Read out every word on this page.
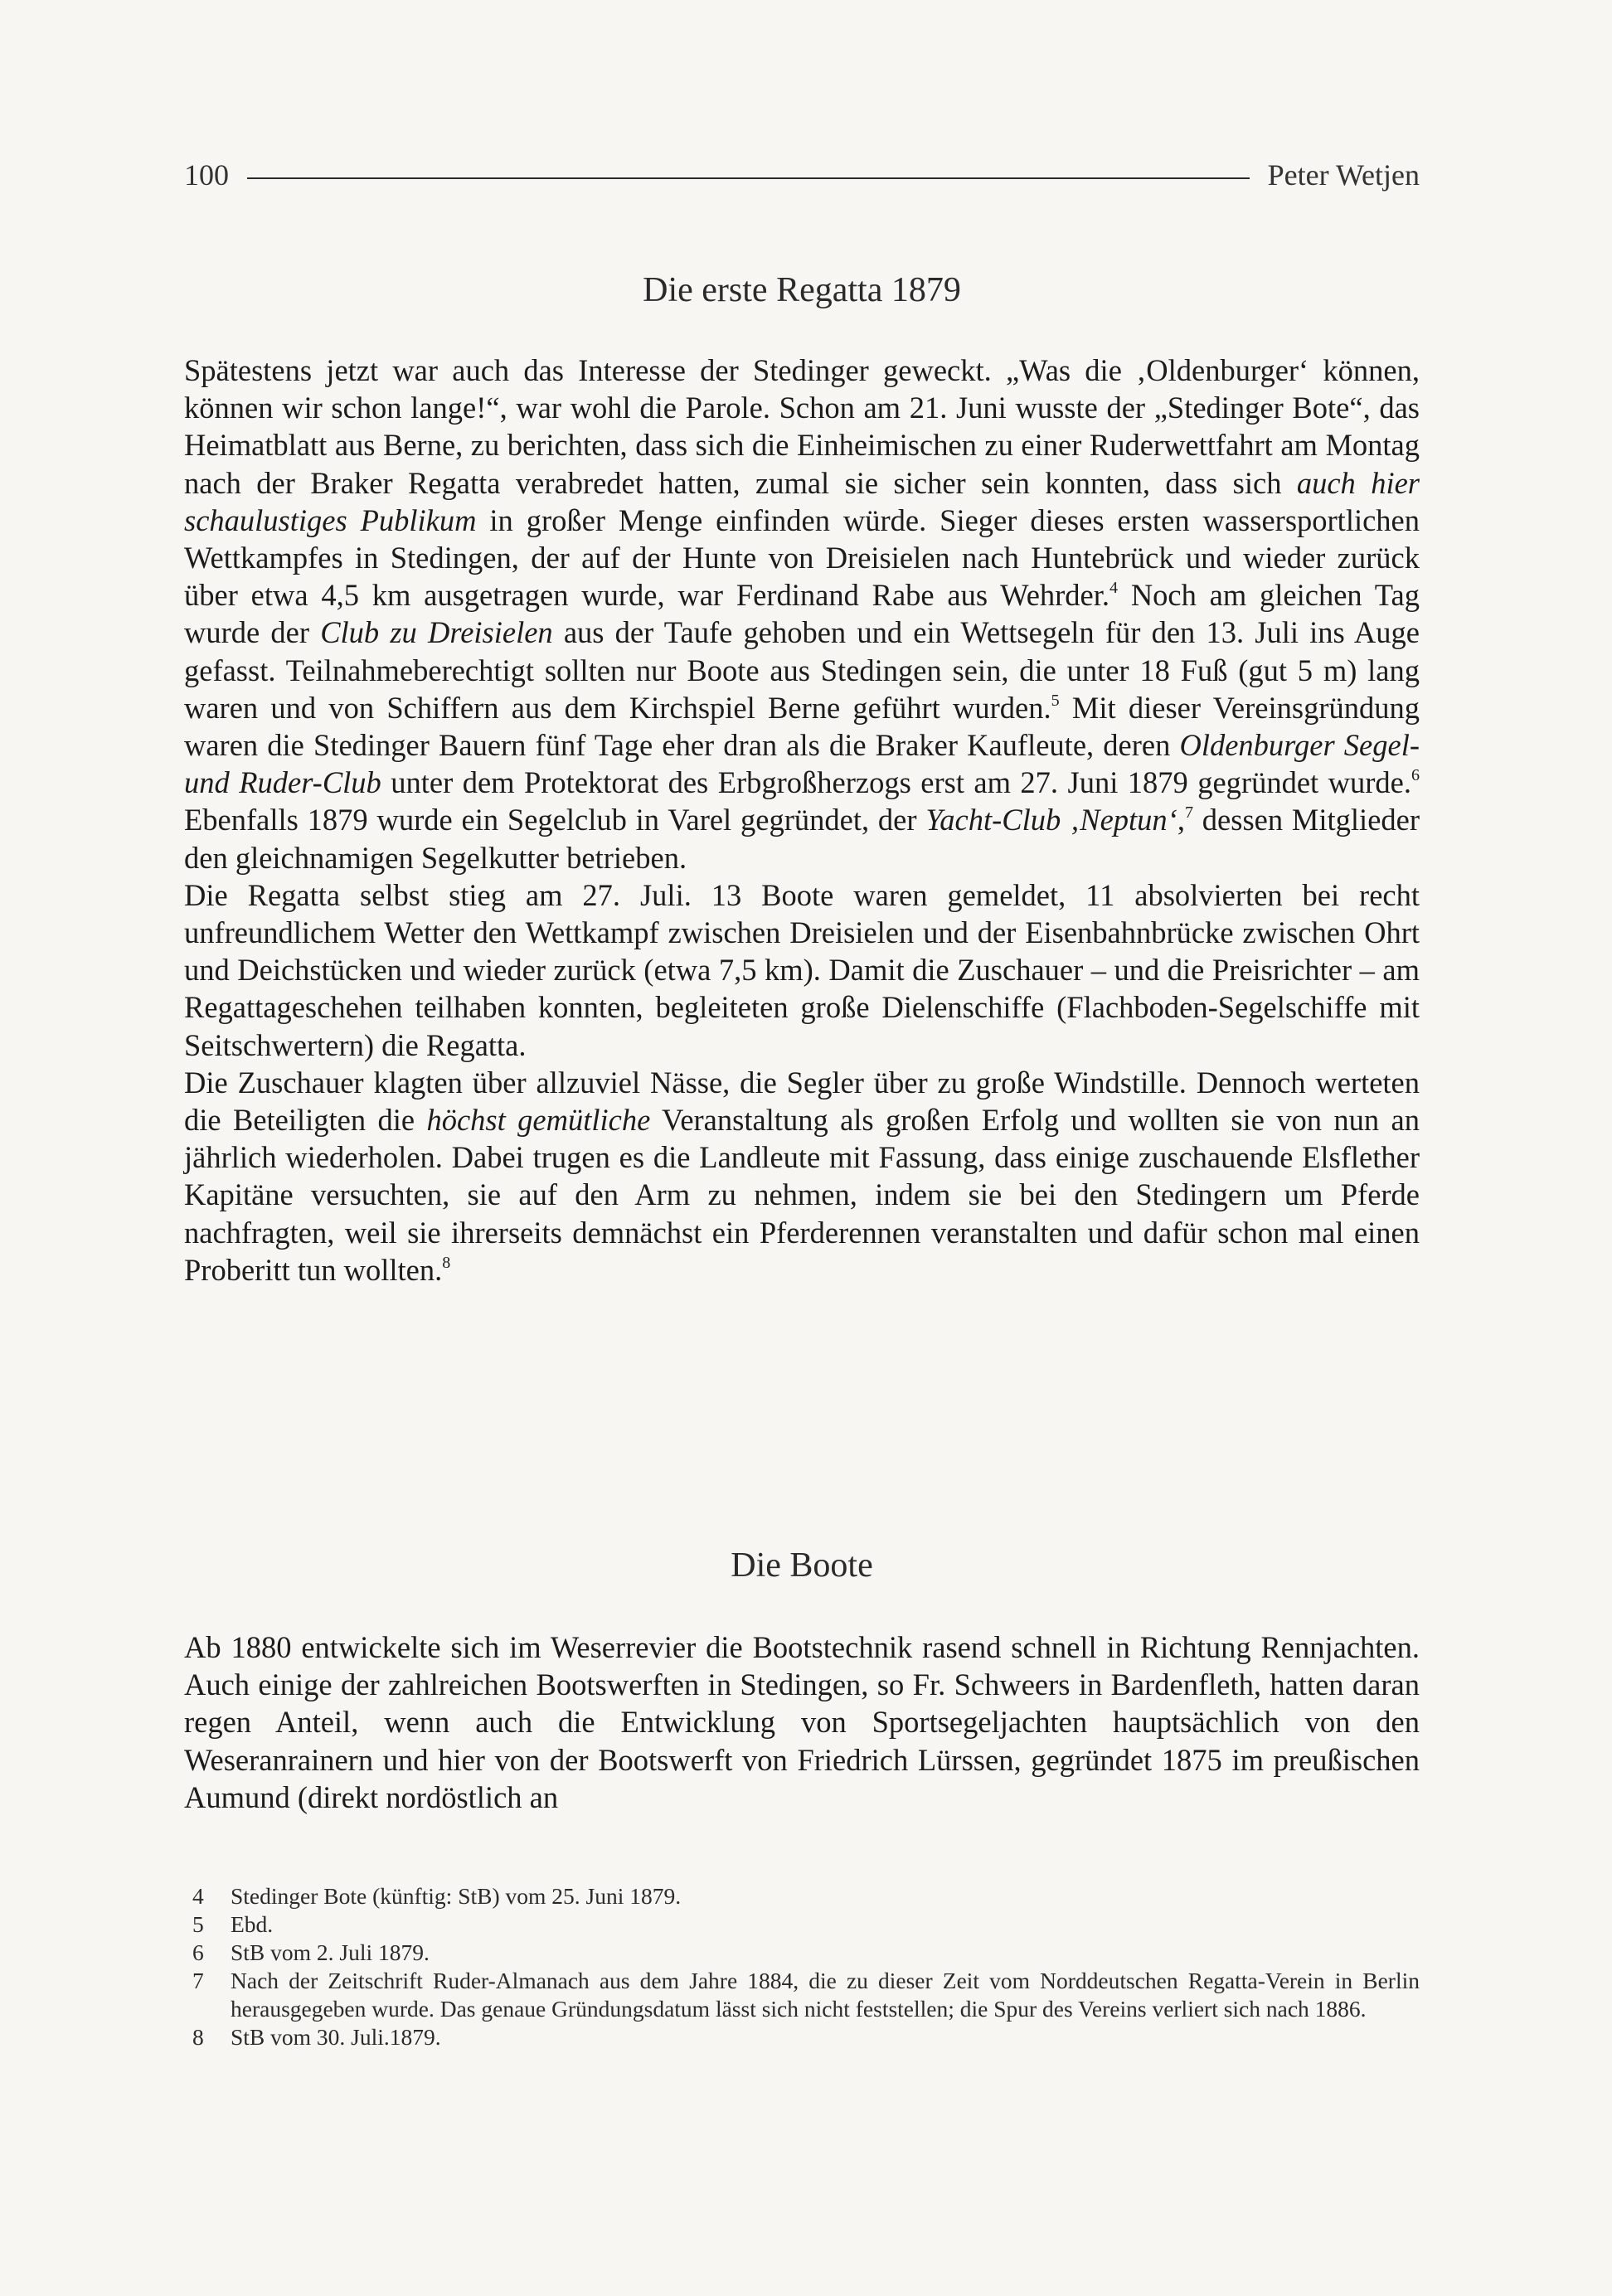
100	Peter Wetjen
Die erste Regatta 1879

Spätestens jetzt war auch das Interesse der Stedinger geweckt. „Was die ‚Oldenburger‘ können, können wir schon lange!“, war wohl die Parole. Schon am 21. Juni wusste der „Stedinger Bote“, das Heimatblatt aus Berne, zu berichten, dass sich die Einheimischen zu einer Ruderwettfahrt am Montag nach der Braker Regatta verabredet hatten, zumal sie sicher sein konnten, dass sich auch hier schaulustiges Publikum in großer Menge einfinden würde. Sieger dieses ersten wassersportlichen Wettkampfes in Stedingen, der auf der Hunte von Dreisielen nach Huntebrück und wieder zurück über etwa 4,5 km ausgetragen wurde, war Ferdinand Rabe aus Wehrder.$^4$ Noch am gleichen Tag wurde der Club zu Dreisielen aus der Taufe gehoben und ein Wettsegeln für den 13. Juli ins Auge gefasst. Teilnahmeberechtigt sollten nur Boote aus Stedingen sein, die unter 18 Fuß (gut 5 m) lang waren und von Schiffern aus dem Kirchspiel Berne geführt wurden.$^5$ Mit dieser Vereinsgründung waren die Stedinger Bauern fünf Tage eher dran als die Braker Kaufleute, deren Oldenburger Segel- und Ruder-Club unter dem Protektorat des Erbgroßherzogs erst am 27. Juni 1879 gegründet wurde.$^6$ Ebenfalls 1879 wurde ein Segelclub in Varel gegründet, der Yacht-Club ‚Neptun‘,$^7$ dessen Mitglieder den gleichnamigen Segelkutter betrieben.

Die Regatta selbst stieg am 27. Juli. 13 Boote waren gemeldet, 11 absolvierten bei recht unfreundlichem Wetter den Wettkampf zwischen Dreisielen und der Eisenbahnbrücke zwischen Ohrt und Deichstücken und wieder zurück (etwa 7,5 km). Damit die Zuschauer – und die Preisrichter – am Regattageschehen teilhaben konnten, begleiteten große Dielenschiffe (Flachboden-Segelschiffe mit Seitschwertern) die Regatta.

Die Zuschauer klagten über allzuviel Nässe, die Segler über zu große Windstille. Dennoch werteten die Beteiligten die höchst gemütliche Veranstaltung als großen Erfolg und wollten sie von nun an jährlich wiederholen. Dabei trugen es die Landleute mit Fassung, dass einige zuschauende Elsflether Kapitäne versuchten, sie auf den Arm zu nehmen, indem sie bei den Stedingern um Pferde nachfragten, weil sie ihrerseits demnächst ein Pferderennen veranstalten und dafür schon mal einen Proberitt tun wollten.$^8$

Die Boote

Ab 1880 entwickelte sich im Weserrevier die Bootstechnik rasend schnell in Richtung Rennjachten. Auch einige der zahlreichen Bootswerften in Stedingen, so Fr. Schweers in Bardenfleth, hatten daran regen Anteil, wenn auch die Entwicklung von Sportsegeljachten hauptsächlich von den Weseranrainern und hier von der Bootswerft von Friedrich Lürssen, gegründet 1875 im preußischen Aumund (direkt nordöstlich an

4	Stedinger Bote (künftig: StB) vom 25. Juni 1879.
5	Ebd.
6	StB vom 2. Juli 1879.
7	Nach der Zeitschrift Ruder-Almanach aus dem Jahre 1884, die zu dieser Zeit vom Norddeutschen Regatta-Verein in Berlin herausgegeben wurde. Das genaue Gründungsdatum lässt sich nicht feststellen; die Spur des Vereins verliert sich nach 1886.
8	StB vom 30. Juli.1879.
